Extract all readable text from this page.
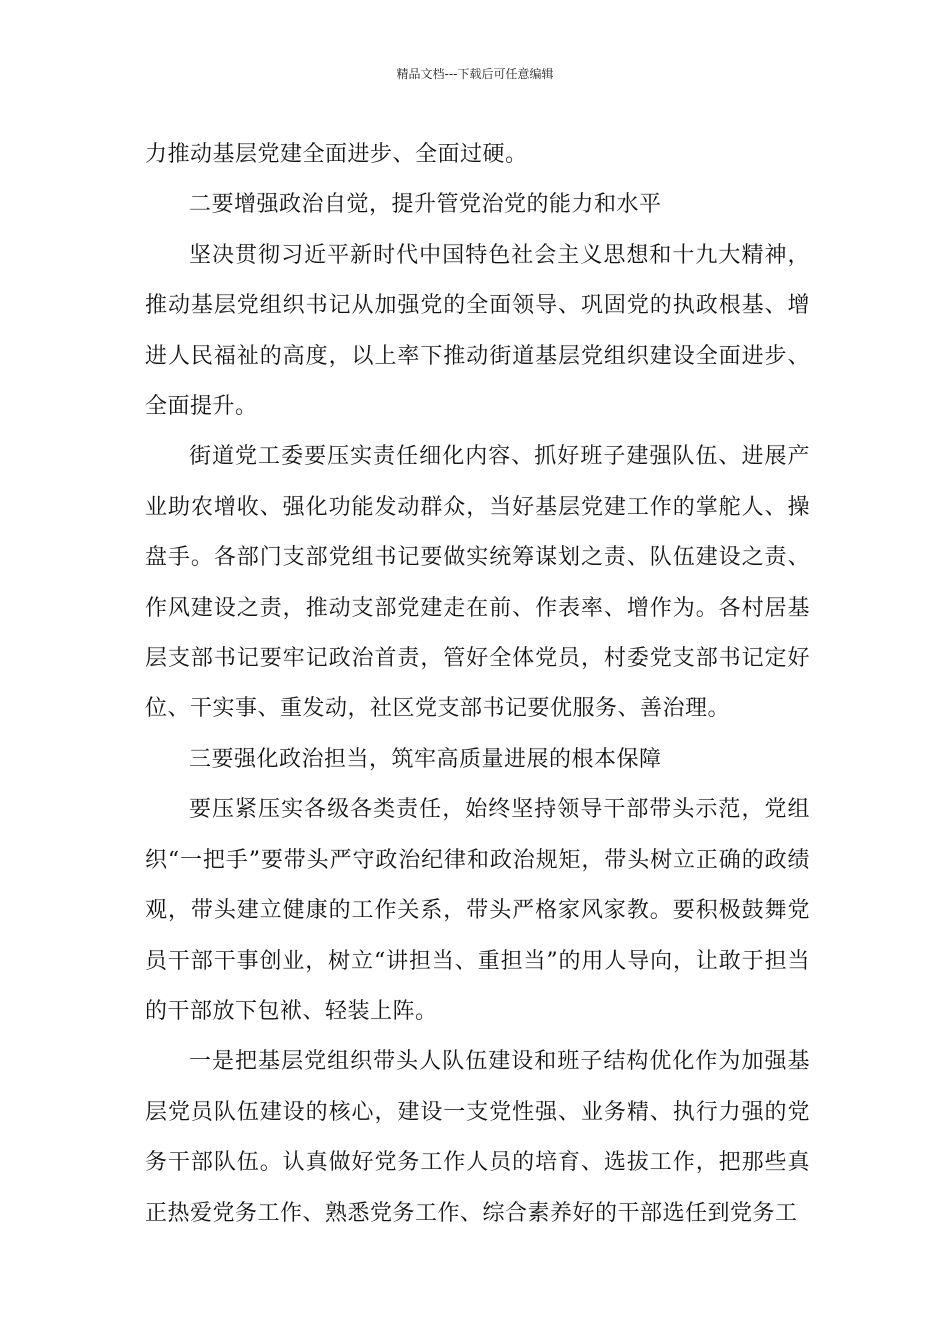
精品文档---下载后可任意编辑

力推动基层党建全面进步、全面过硬。

二要增强政治自觉，提升管党治党的能力和水平

坚决贯彻习近平新时代中国特色社会主义思想和十九大精神，推动基层党组织书记从加强党的全面领导、巩固党的执政根基、增进人民福祉的高度，以上率下推动街道基层党组织建设全面进步、全面提升。

街道党工委要压实责任细化内容、抓好班子建强队伍、进展产业助农增收、强化功能发动群众，当好基层党建工作的掌舵人、操盘手。各部门支部党组书记要做实统筹谋划之责、队伍建设之责、作风建设之责，推动支部党建走在前、作表率、增作为。各村居基层支部书记要牢记政治首责，管好全体党员，村委党支部书记定好位、干实事、重发动，社区党支部书记要优服务、善治理。

三要强化政治担当，筑牢高质量进展的根本保障

要压紧压实各级各类责任，始终坚持领导干部带头示范，党组织“一把手”要带头严守政治纪律和政治规矩，带头树立正确的政绩观，带头建立健康的工作关系，带头严格家风家教。要积极鼓舞党员干部干事创业，树立“讲担当、重担当”的用人导向，让敢于担当的干部放下包袱、轻装上阵。

一是把基层党组织带头人队伍建设和班子结构优化作为加强基层党员队伍建设的核心，建设一支党性强、业务精、执行力强的党务干部队伍。认真做好党务工作人员的培育、选拔工作，把那些真正热爱党务工作、熟悉党务工作、综合素养好的干部选任到党务工
